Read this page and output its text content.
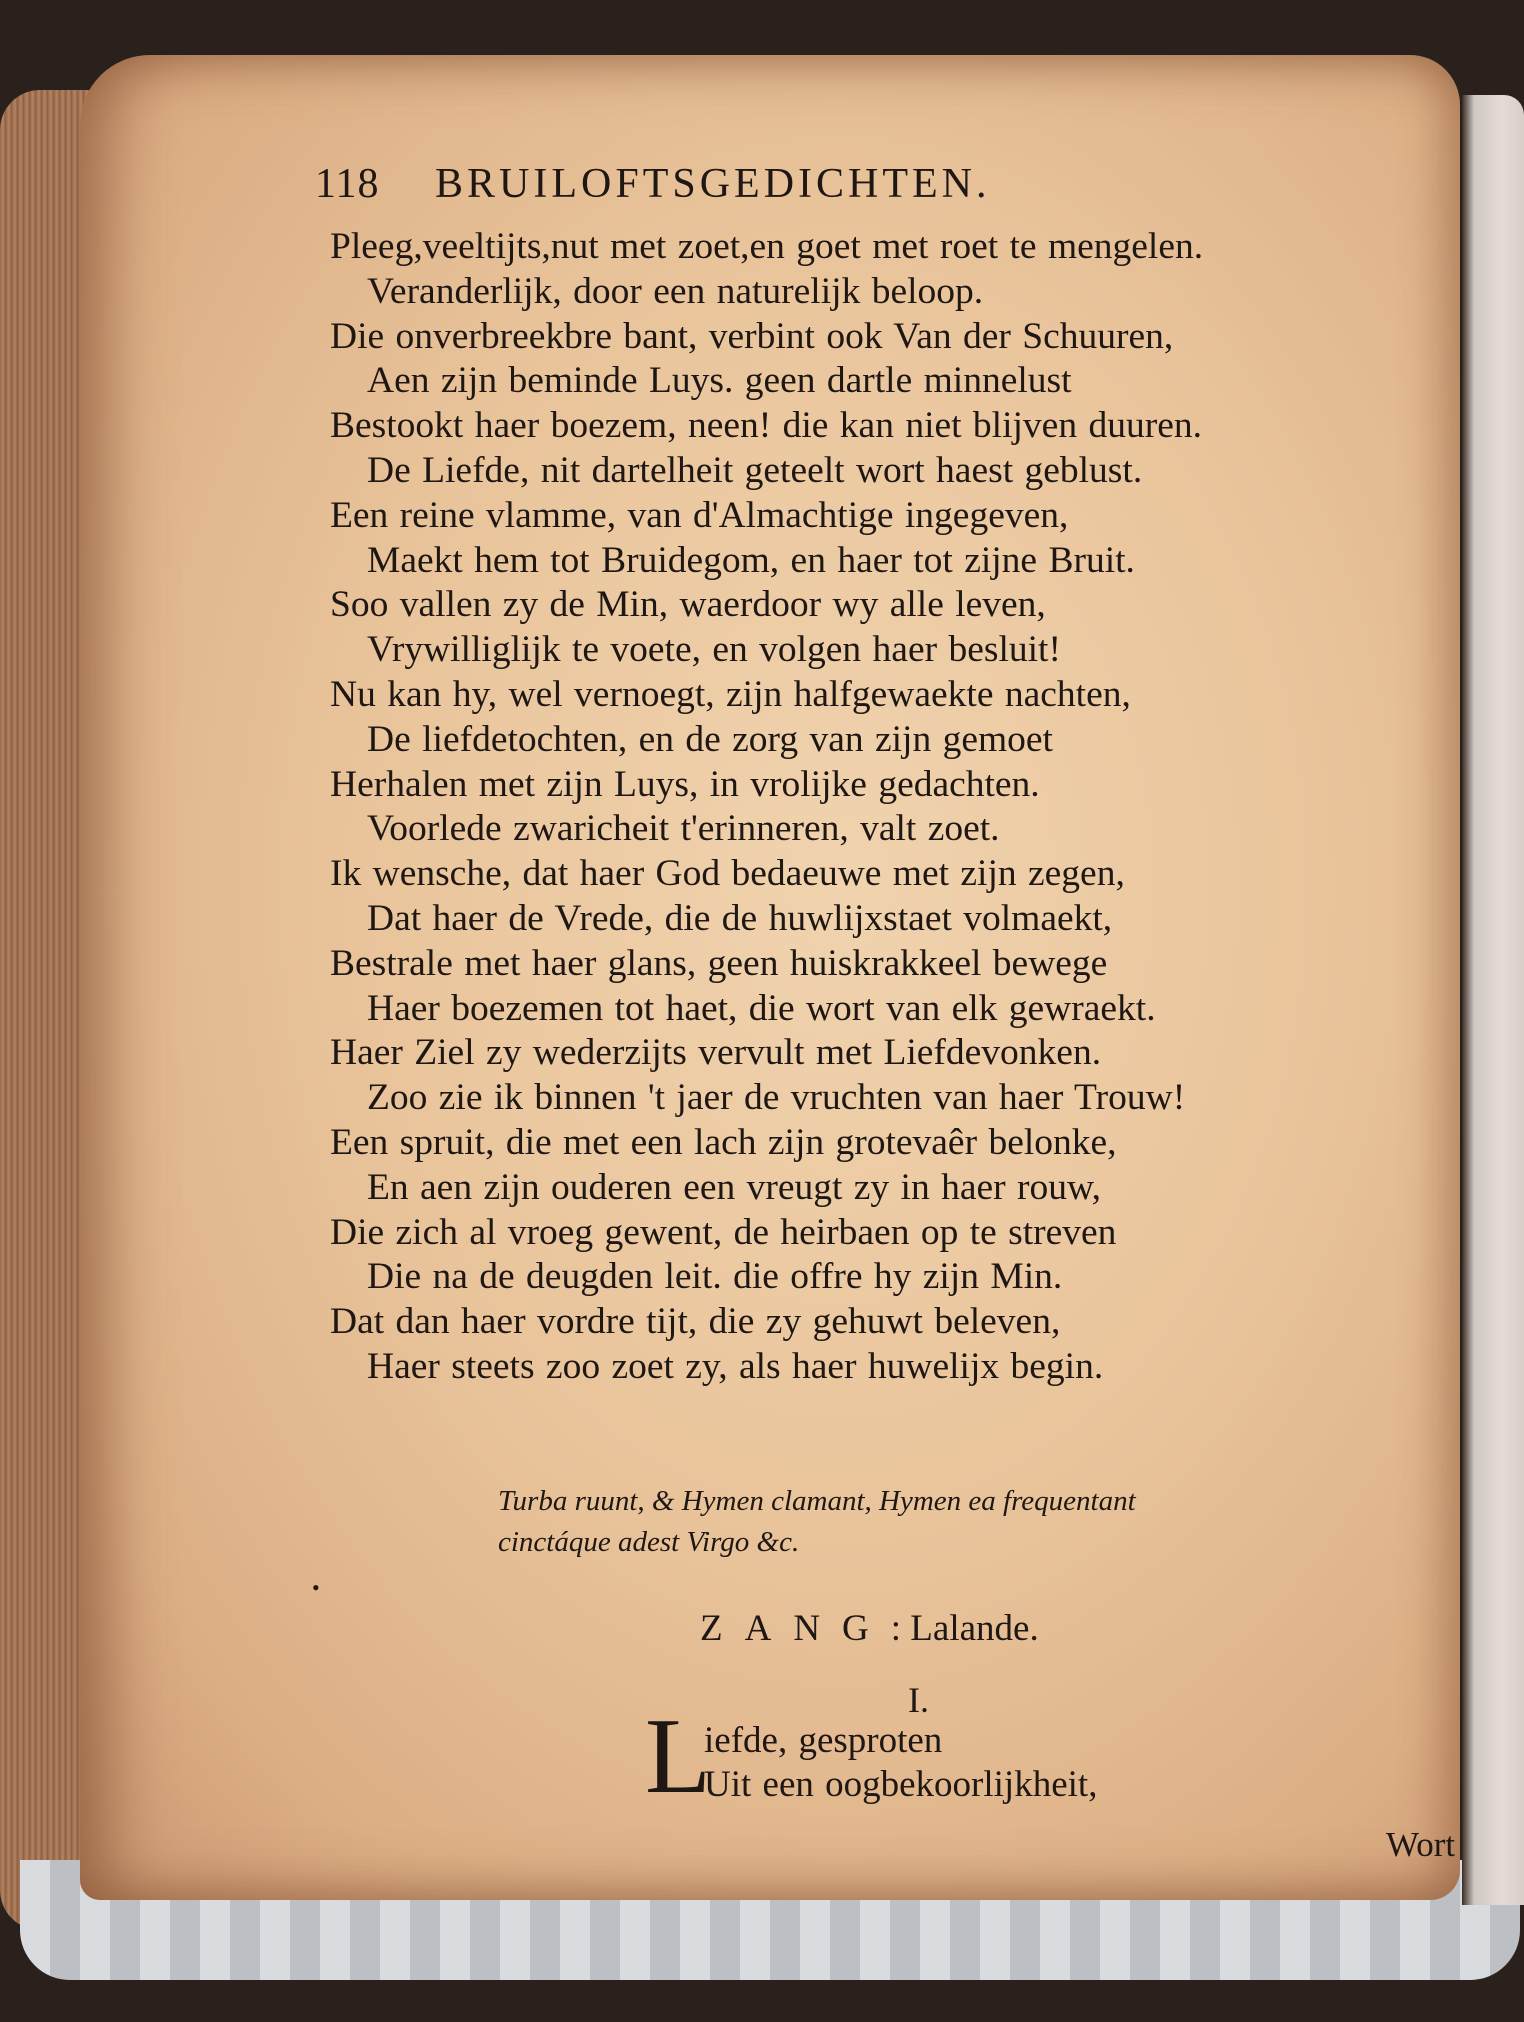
118 BRUILOFTSGEDICHTEN.
Pleeg,veeltijts,nut met zoet,en goet met roet te mengelen.
Veranderlijk, door een naturelijk beloop.
Die onverbreekbre bant, verbint ook Van der Schuuren,
Aen zijn beminde Luys. geen dartle minnelust
Bestookt haer boezem, neen! die kan niet blijven duuren.
De Liefde, nit dartelheit geteelt wort haest geblust.
Een reine vlamme, van d'Almachtige ingegeven,
Maekt hem tot Bruidegom, en haer tot zijne Bruit.
Soo vallen zy de Min, waerdoor wy alle leven,
Vrywilliglijk te voete, en volgen haer besluit!
Nu kan hy, wel vernoegt, zijn halfgewaekte nachten,
De liefdetochten, en de zorg van zijn gemoet
Herhalen met zijn Luys, in vrolijke gedachten.
Voorlede zwaricheit t'erinneren, valt zoet.
Ik wensche, dat haer God bedaeuwe met zijn zegen,
Dat haer de Vrede, die de huwlijxstaet volmaekt,
Bestrale met haer glans, geen huiskrakkeel bewege
Haer boezemen tot haet, die wort van elk gewraekt.
Haer Ziel zy wederzijts vervult met Liefdevonken.
Zoo zie ik binnen 't jaer de vruchten van haer Trouw!
Een spruit, die met een lach zijn grotevaêr belonke,
En aen zijn ouderen een vreugt zy in haer rouw,
Die zich al vroeg gewent, de heirbaen op te streven
Die na de deugden leit. die offre hy zijn Min.
Dat dan haer vordre tijt, die zy gehuwt beleven,
Haer steets zoo zoet zy, als haer huwelijx begin.
Turba ruunt, & Hymen clamant, Hymen ea frequentant
cinctáque adest Virgo &c.
•
ZANG: Lalande.
I.
L
iefde, gesproten
Uit een oogbekoorlijkheit,
Wort
